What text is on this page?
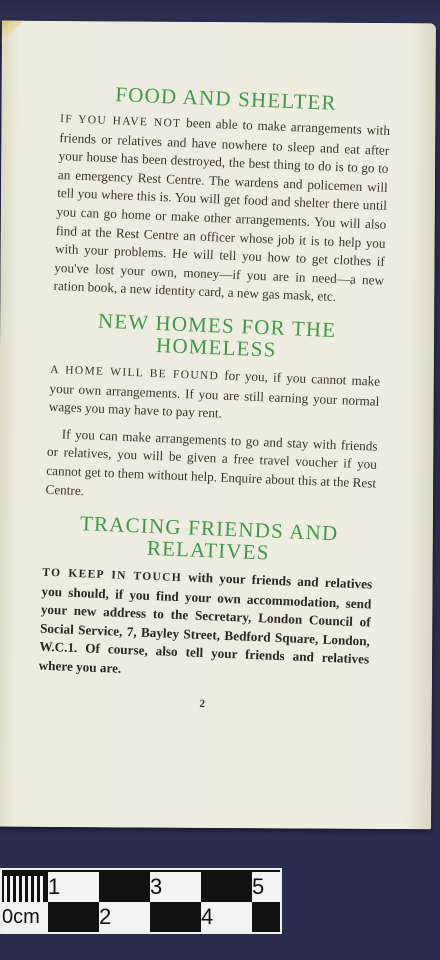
FOOD AND SHELTER

IF YOU HAVE NOT been able to make arrangements with friends or relatives and have nowhere to sleep and eat after your house has been destroyed, the best thing to do is to go to an emergency Rest Centre. The wardens and policemen will tell you where this is. You will get food and shelter there until you can go home or make other arrangements. You will also find at the Rest Centre an officer whose job it is to help you with your problems. He will tell you how to get clothes if you've lost your own, money—if you are in need—a new ration book, a new identity card, a new gas mask, etc.

NEW HOMES FOR THE HOMELESS

A HOME WILL BE FOUND for you, if you cannot make your own arrangements. If you are still earning your normal wages you may have to pay rent.

If you can make arrangements to go and stay with friends or relatives, you will be given a free travel voucher if you cannot get to them without help. Enquire about this at the Rest Centre.

TRACING FRIENDS AND RELATIVES

TO KEEP IN TOUCH with your friends and relatives you should, if you find your own accommodation, send your new address to the Secretary, London Council of Social Service, 7, Bayley Street, Bedford Square, London, W.C.1. Of course, also tell your friends and relatives where you are.

2
1	3	5
0cm	2	4
